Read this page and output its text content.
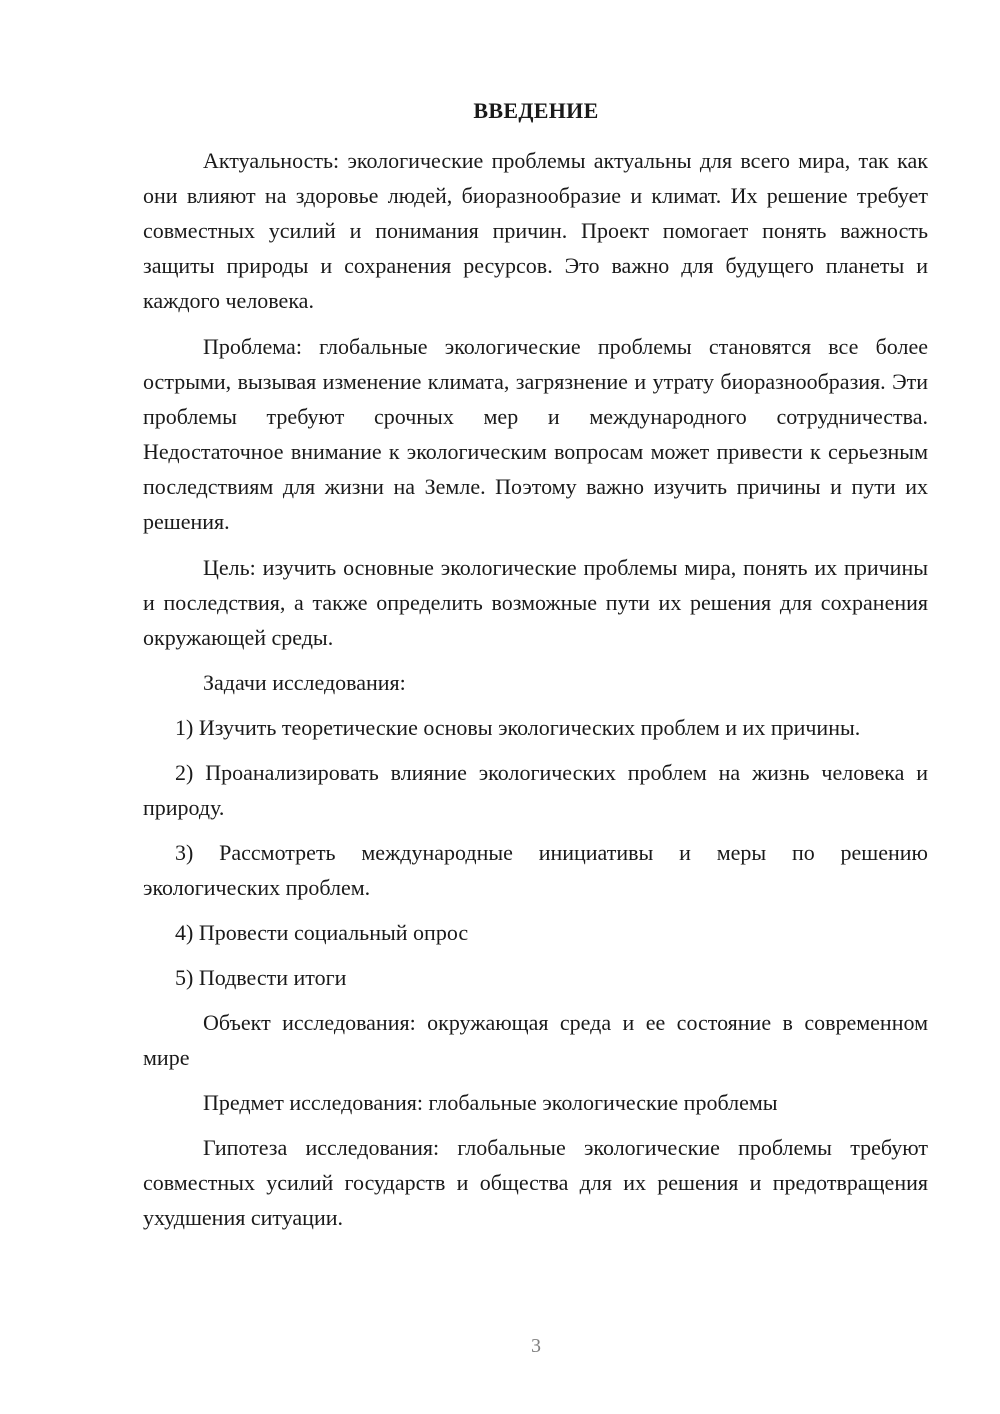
ВВЕДЕНИЕ

Актуальность: экологические проблемы актуальны для всего мира, так как они влияют на здоровье людей, биоразнообразие и климат. Их решение требует совместных усилий и понимания причин. Проект помогает понять важность защиты природы и сохранения ресурсов. Это важно для будущего планеты и каждого человека.

Проблема: глобальные экологические проблемы становятся все более острыми, вызывая изменение климата, загрязнение и утрату биоразнообразия. Эти проблемы требуют срочных мер и международного сотрудничества. Недостаточное внимание к экологическим вопросам может привести к серьезным последствиям для жизни на Земле. Поэтому важно изучить причины и пути их решения.

Цель: изучить основные экологические проблемы мира, понять их причины и последствия, а также определить возможные пути их решения для сохранения окружающей среды.

Задачи исследования:

1) Изучить теоретические основы экологических проблем и их причины.

2) Проанализировать влияние экологических проблем на жизнь человека и природу.

3) Рассмотреть международные инициативы и меры по решению экологических проблем.

4) Провести социальный опрос

5) Подвести итоги

Объект исследования: окружающая среда и ее состояние в современном мире

Предмет исследования: глобальные экологические проблемы

Гипотеза исследования: глобальные экологические проблемы требуют совместных усилий государств и общества для их решения и предотвращения ухудшения ситуации.

3
